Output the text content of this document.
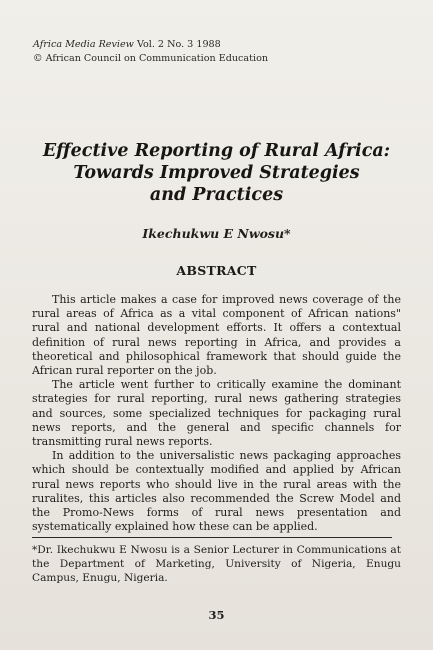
Africa Media Review Vol. 2 No. 3 1988
© African Council on Communication Education
Effective Reporting of Rural Africa:
Towards Improved Strategies
and Practices
Ikechukwu E Nwosu*
ABSTRACT

This article makes a case for improved news coverage of the rural areas of Africa as a vital component of African nations" rural and national development efforts. It offers a contextual definition of rural news reporting in Africa, and provides a theoretical and philosophical framework that should guide the African rural reporter on the job.

The article went further to critically examine the dominant strategies for rural reporting, rural news gathering strategies and sources, some specialized techniques for packaging rural news reports, and the general and specific channels for transmitting rural news reports.

In addition to the universalistic news packaging approaches which should be contextually modified and applied by African rural news reports who should live in the rural areas with the ruralites, this articles also recommended the Screw Model and the Promo-News forms of rural news presentation and systematically explained how these can be applied.

*Dr. Ikechukwu E Nwosu is a Senior Lecturer in Communications at the Department of Marketing, University of Nigeria, Enugu Campus, Enugu, Nigeria.
35
